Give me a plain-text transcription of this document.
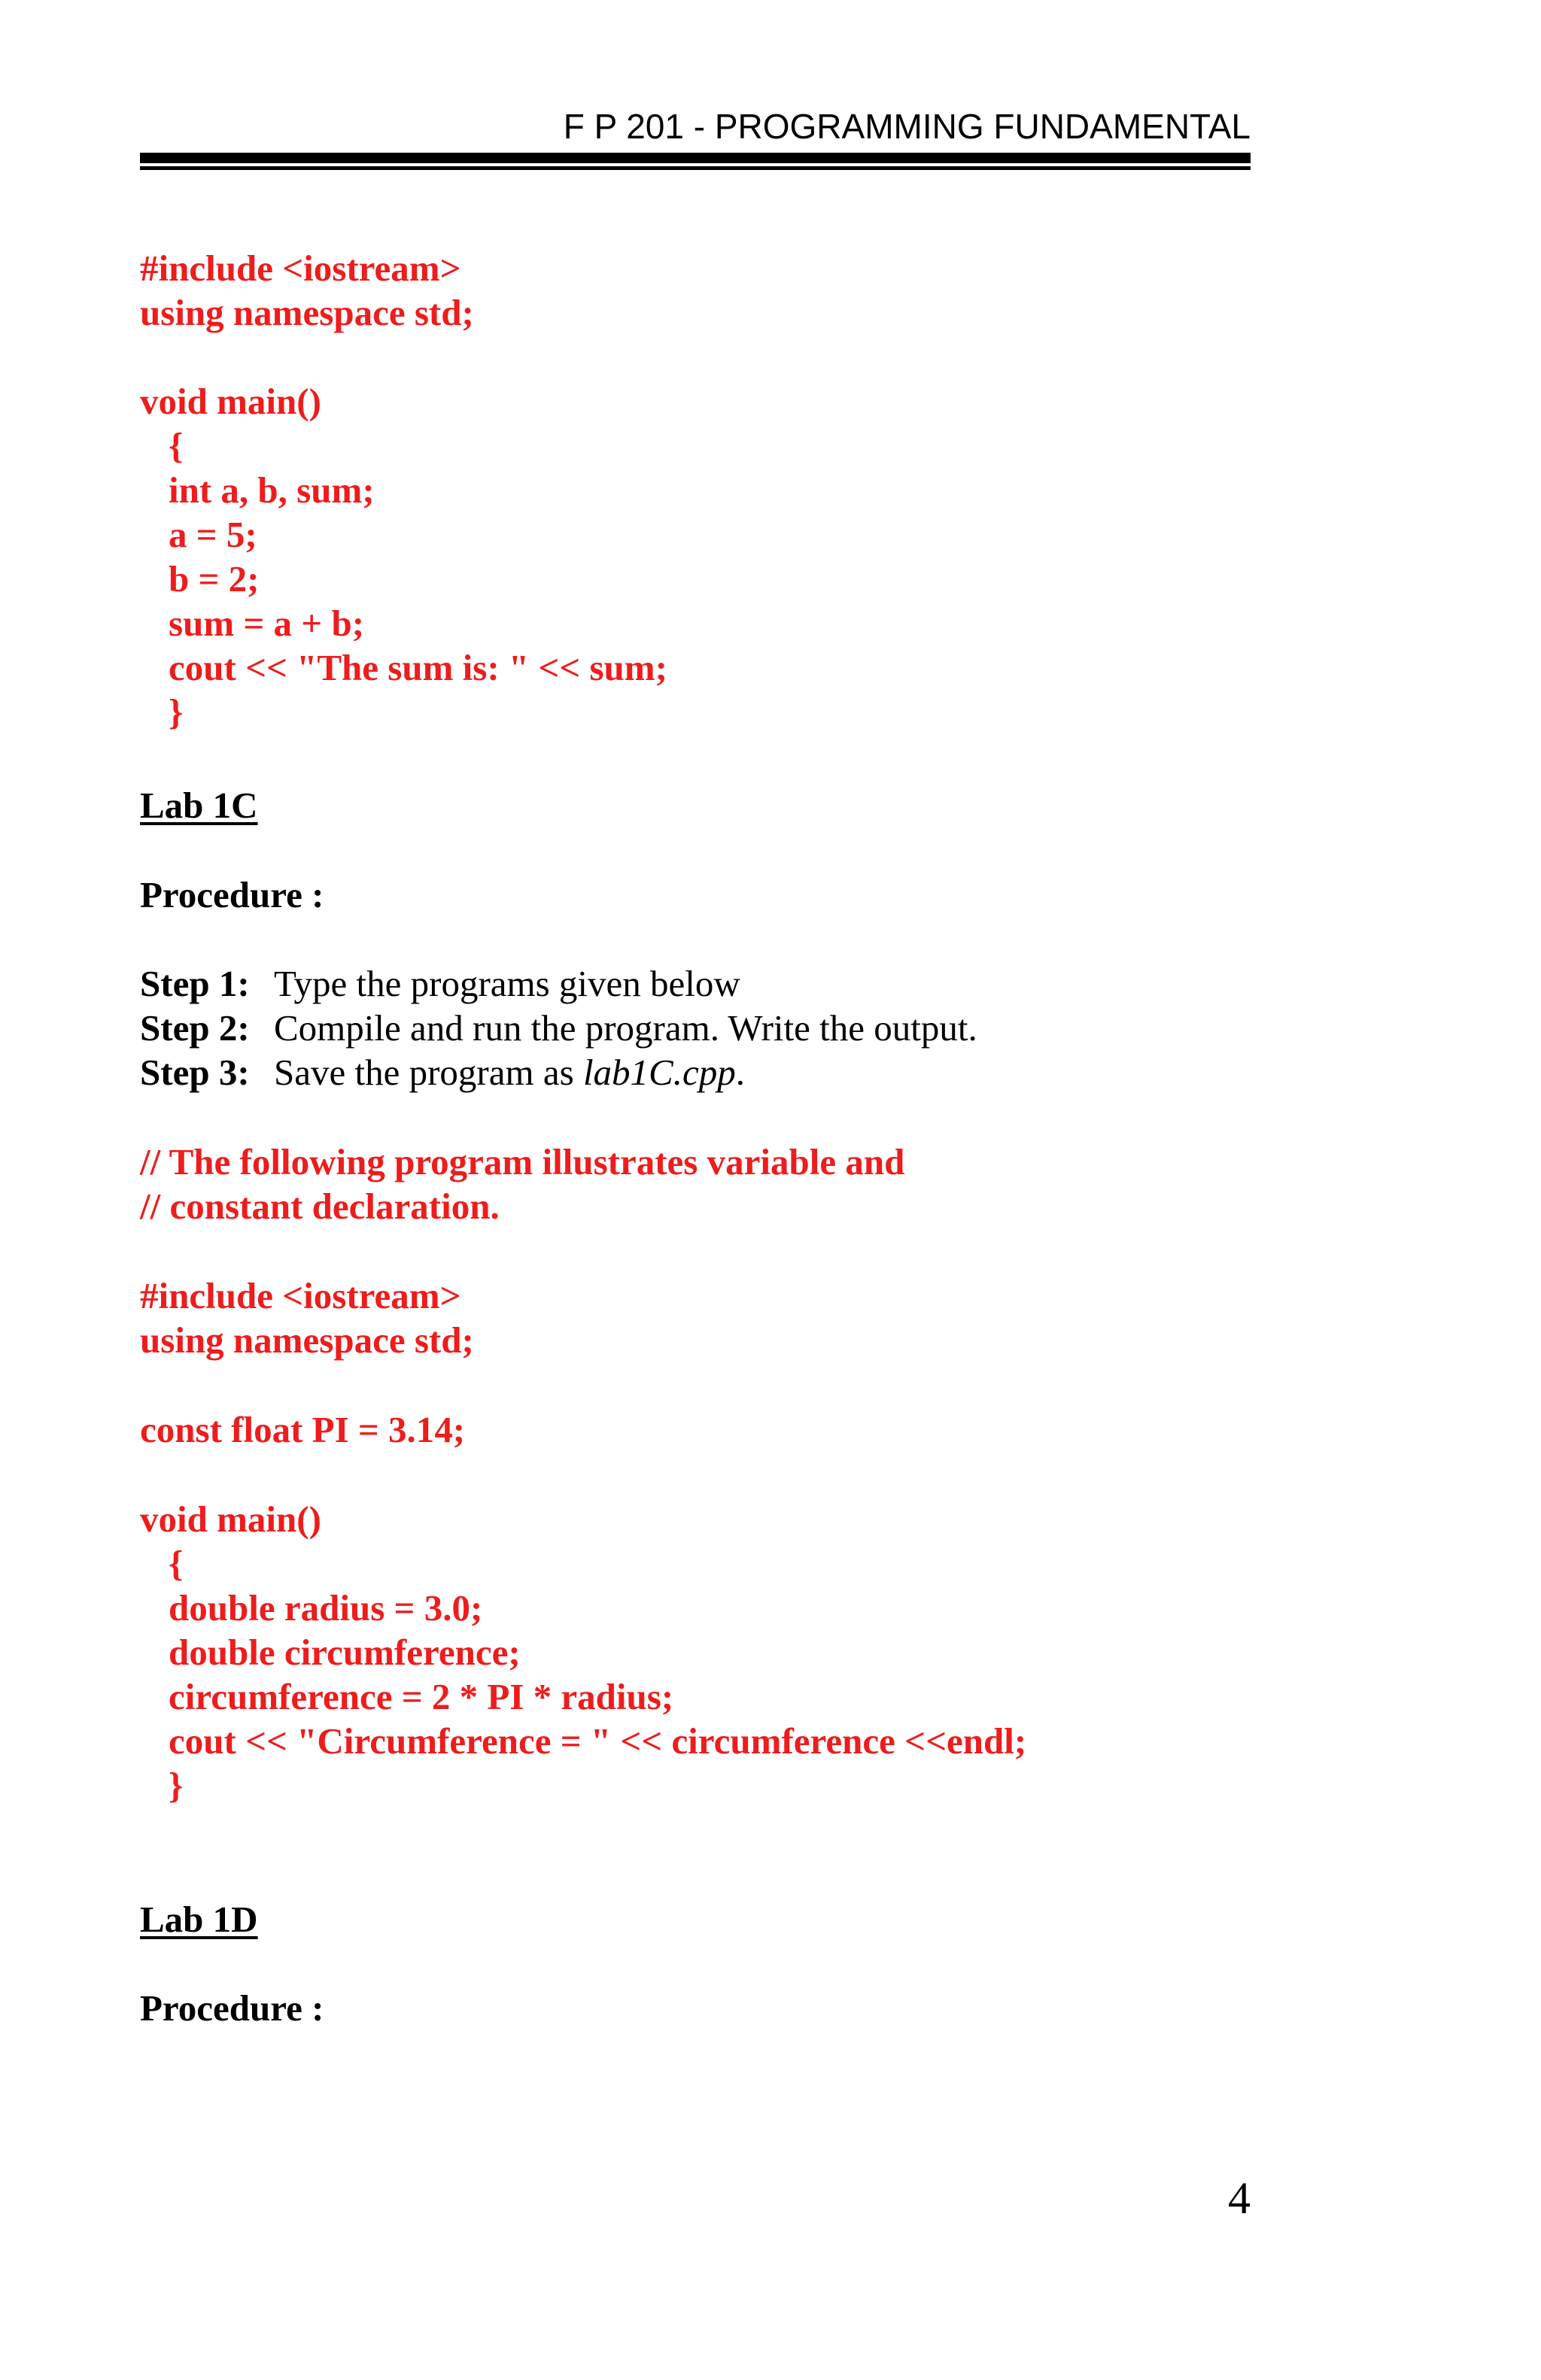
F P 201 - PROGRAMMING FUNDAMENTAL
#include <iostream>
using namespace std;
void main()
{
int a, b, sum;
a = 5;
b = 2;
sum = a + b;
cout << "The sum is: " << sum;
}
Lab 1C
Procedure :
Step 1: Type the programs given below
Step 2: Compile and run the program. Write the output.
Step 3: Save the program as lab1C.cpp.
// The following program illustrates variable and
// constant declaration.
#include <iostream>
using namespace std;
const float PI = 3.14;
void main()
{
double radius = 3.0;
double circumference;
circumference = 2 * PI * radius;
cout << "Circumference = " << circumference <<endl;
}
Lab 1D
Procedure :
4
